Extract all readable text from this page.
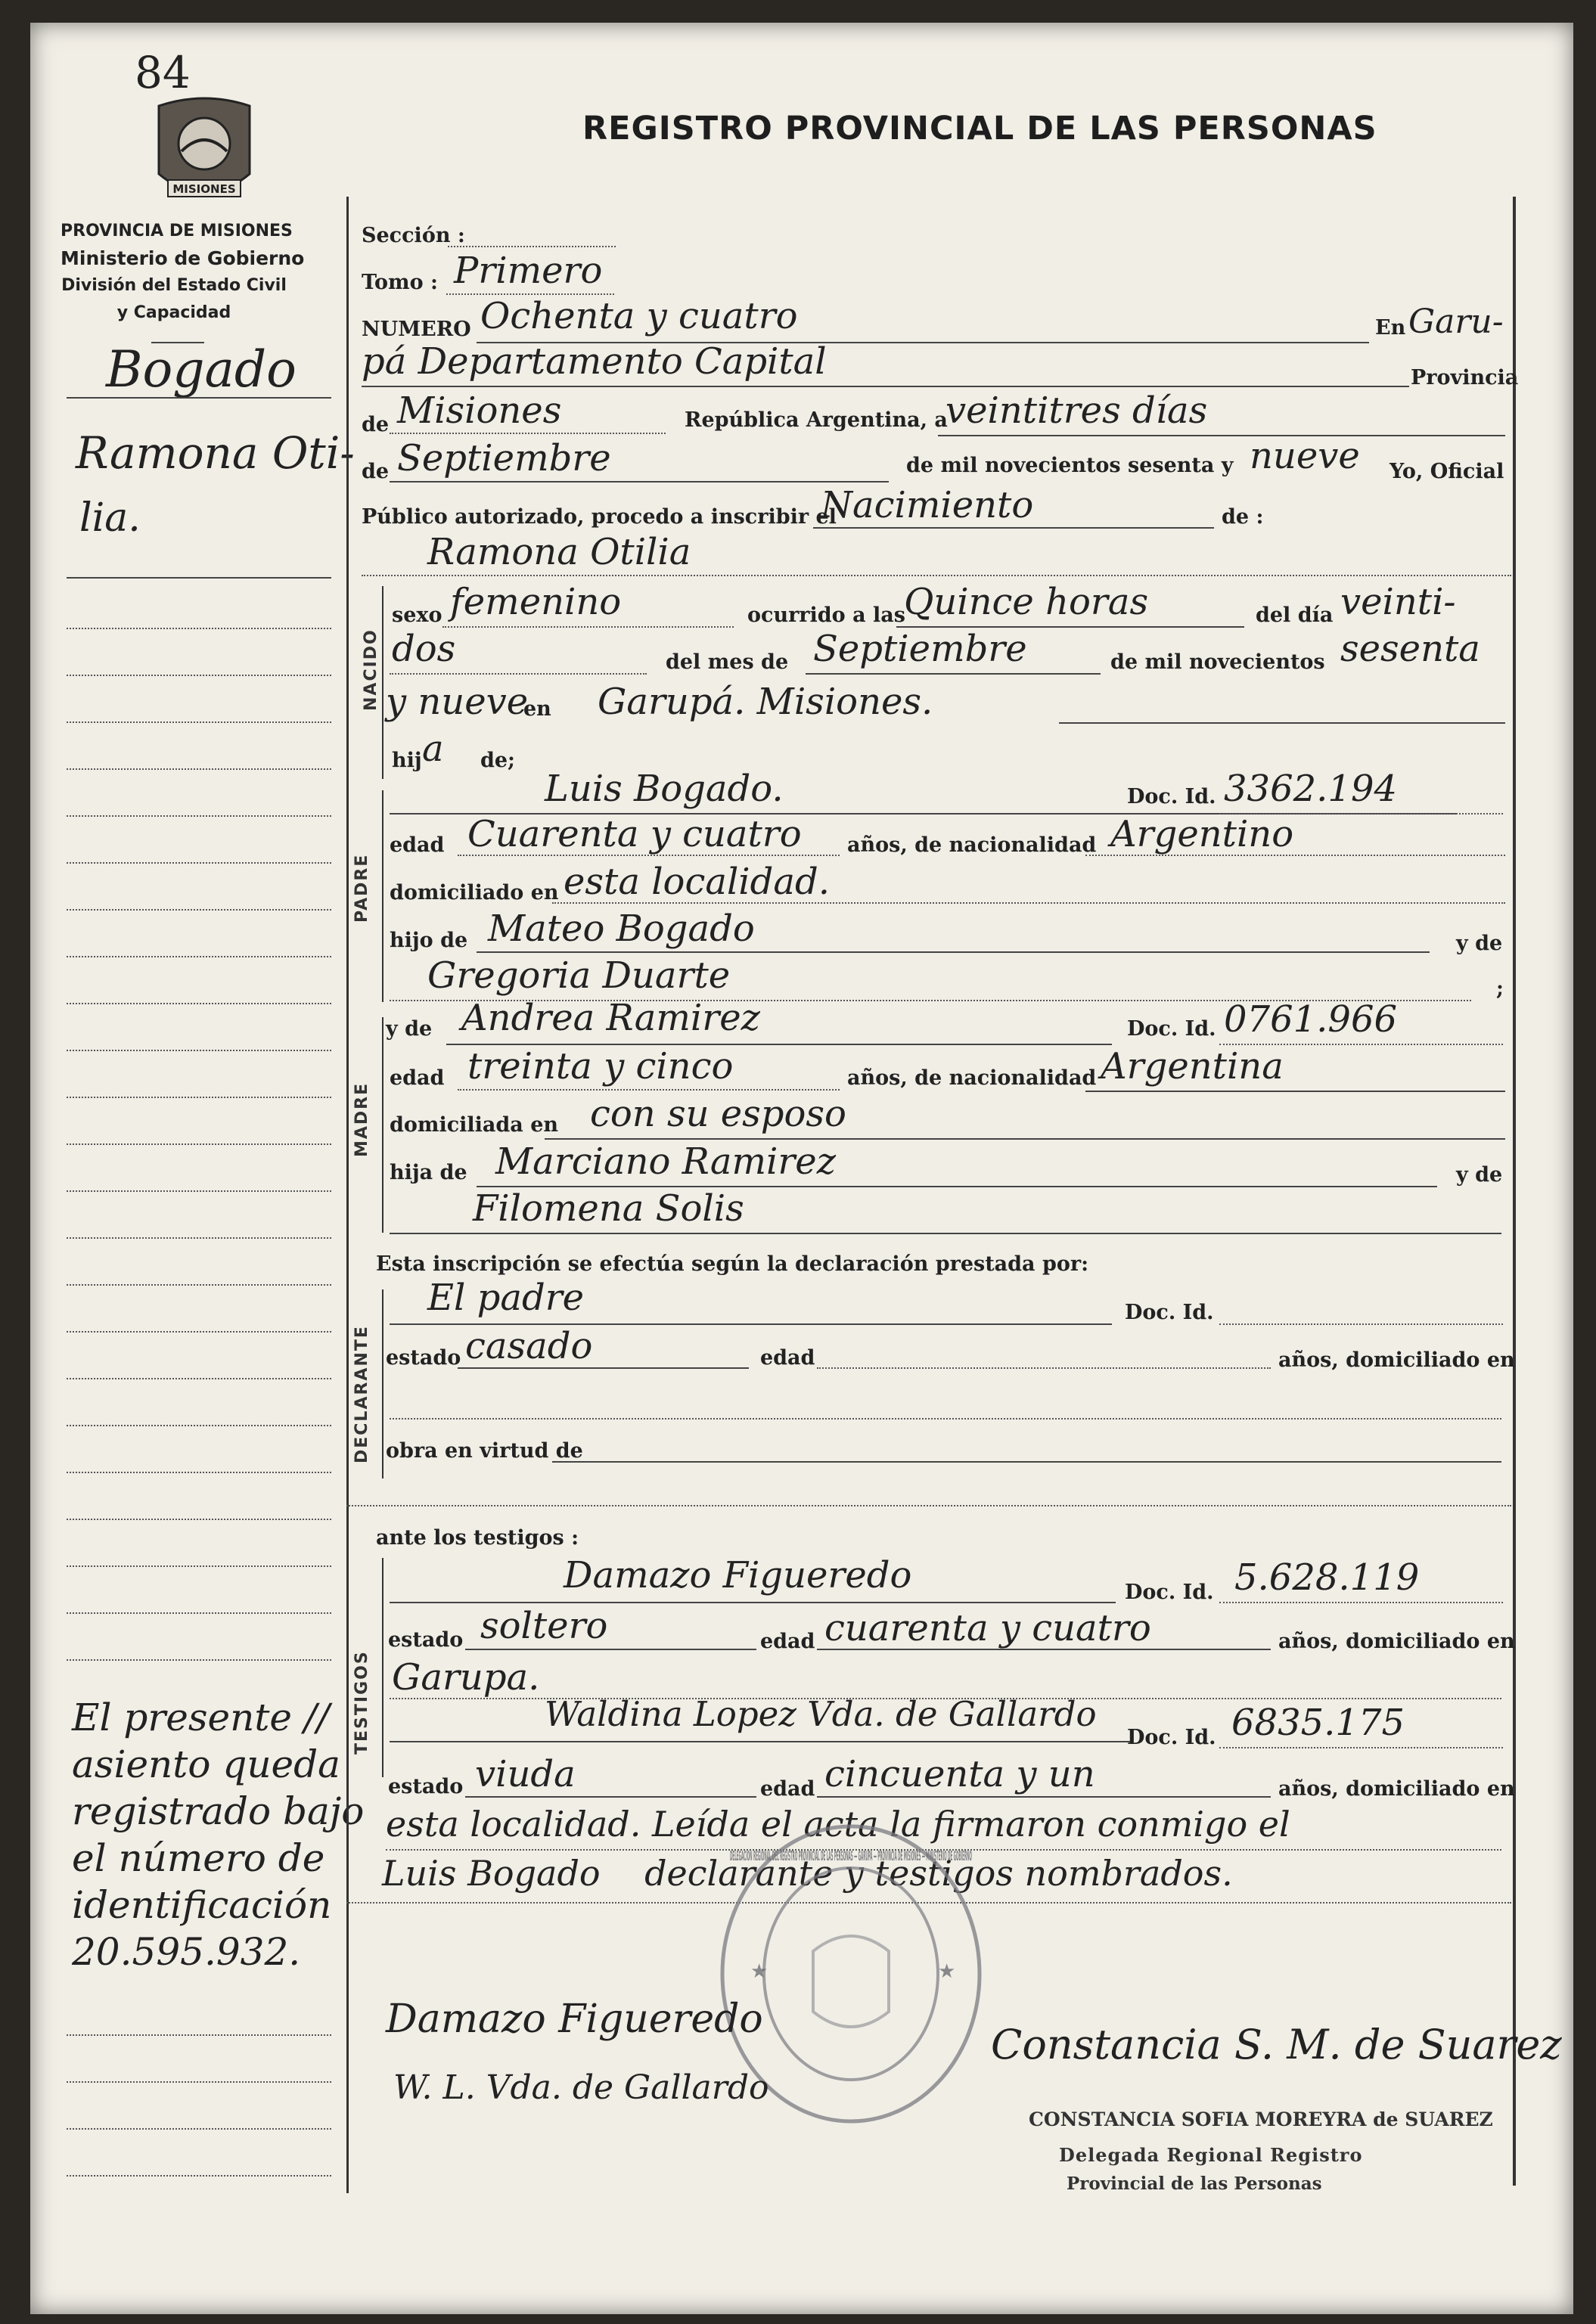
84
MISIONES
PROVINCIA DE MISIONES
Ministerio de Gobierno
División del Estado Civil
y Capacidad
REGISTRO PROVINCIAL DE LAS PERSONAS
Bogado
Ramona Oti-
lia.
El presente //
asiento queda
registrado bajo
el número de
identificación
20.595.932.
Sección :
Tomo : Primero
NUMERO Ochenta y cuatro	En Garu-
pá Departamento Capital	Provincia
de Misiones	República Argentina, a
veintitres días
de Septiembre	de mil novecientos sesenta y nueve Yo, Oficial
Público autorizado, procedo a inscribir el
Nacimiento	de :
Ramona Otilia
NACIDO
sexo femenino	ocurrido a las
Quince horas	del día veinti-
dos	del mes de Septiembre	de mil novecientos sesenta
y nueve
en Garupá. Misiones.
hij a de;
PADRE
Luis Bogado.	Doc. Id. 3362.194
edad Cuarenta y cuatro años, de nacionalidad Argentino
domiciliado en esta localidad.
hijo de Mateo Bogado	y de
Gregoria Duarte	;
MADRE
y de Andrea Ramirez	Doc. Id. 0761.966
edad treinta y cinco	años, de nacionalidad Argentina
domiciliada en con su esposo
hija de Marciano Ramirez	y de
Filomena Solis
Esta inscripción se efectúa según la declaración prestada por:
DECLARANTE
El padre	Doc. Id.
estado casado	edad	años, domiciliado en
obra en virtud de
ante los testigos :
TESTIGOS
Damazo Figueredo	Doc. Id. 5.628.119
estado soltero	edad cuarenta y cuatro	años, domiciliado en
Garupa.
Waldina Lopez Vda. de Gallardo
Doc. Id. 6835.175
estado viuda	edad cincuenta y un	años, domiciliado en
esta localidad. Leída el acta la firmaron conmigo el
Luis Bogado    declarante y testigos nombrados.
DELEGACION REGIONAL DEL REGISTRO PROVINCIAL DE LAS PERSONAS — GARUPA — PROVINCIA DE MISIONES — MINISTERIO DE GOBIERNO
★	★
Damazo Figueredo
W. L. Vda. de Gallardo
Constancia S. M. de Suarez
CONSTANCIA SOFIA MOREYRA de SUAREZ
Delegada Regional Registro
Provincial de las Personas
